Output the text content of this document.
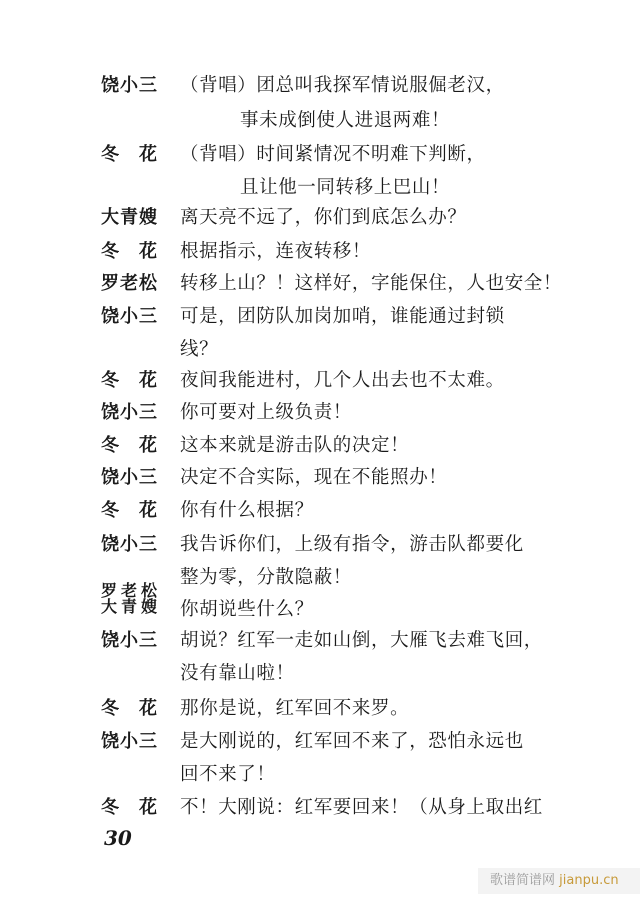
饶小三 （背唱）团总叫我探军情说服倔老汉，
事未成倒使人进退两难！
冬花 （背唱）时间紧情况不明难下判断，
且让他一同转移上巴山！
大青嫂 离天亮不远了，你们到底怎么办？
冬花 根据指示，连夜转移！
罗老松 转移上山？！这样好，字能保住，人也安全！
饶小三 可是，团防队加岗加哨，谁能通过封锁
线？
冬花 夜间我能进村，几个人出去也不太难。
饶小三 你可要对上级负责！
冬花 这本来就是游击队的决定！
饶小三 决定不合实际，现在不能照办！
冬花 你有什么根据？
饶小三 我告诉你们，上级有指令，游击队都要化
整为零，分散隐蔽！
罗老松
大青嫂 你胡说些什么？
饶小三 胡说？红军一走如山倒，大雁飞去难飞回，
没有靠山啦！
冬花 那你是说，红军回不来罗。
饶小三 是大刚说的，红军回不来了，恐怕永远也
回不来了！
冬花 不！大刚说：红军要回来！（从身上取出红
30
歌谱简谱网 jianpu.cn
